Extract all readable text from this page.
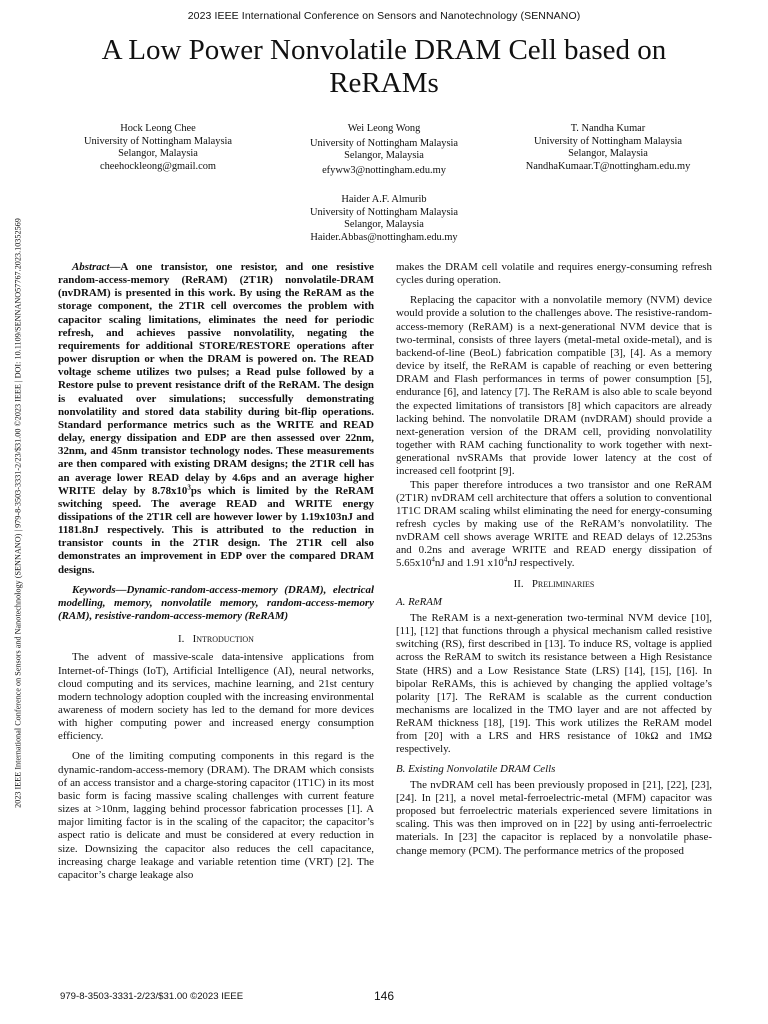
2023 IEEE International Conference on Sensors and Nanotechnology (SENNANO)
A Low Power Nonvolatile DRAM Cell based on
ReRAMs
2023 IEEE International Conference on Sensors and Nanotechnology (SENNANO) | 979-8-3503-3331-2/23/$31.00 ©2023 IEEE | DOI: 10.1109/SENNANO57767.2023.10352569
Hock Leong Chee
University of Nottingham Malaysia
Selangor, Malaysia
cheehockleong@gmail.com
Wei Leong Wong
University of Nottingham Malaysia
Selangor, Malaysia
efyww3@nottingham.edu.my
T. Nandha Kumar
University of Nottingham Malaysia
Selangor, Malaysia
NandhaKumaar.T@nottingham.edu.my
Haider A.F. Almurib
University of Nottingham Malaysia
Selangor, Malaysia
Haider.Abbas@nottingham.edu.my

Abstract—A one transistor, one resistor, and one resistive random-access-memory (ReRAM) (2T1R) nonvolatile-DRAM (nvDRAM) is presented in this work. By using the ReRAM as the storage component, the 2T1R cell overcomes the problem with capacitor scaling limitations, eliminates the need for periodic refresh, and achieves passive nonvolatility, negating the requirements for additional STORE/RESTORE operations after power disruption or when the DRAM is powered on. The READ voltage scheme utilizes two pulses; a Read pulse followed by a Restore pulse to prevent resistance drift of the ReRAM. The design is evaluated over simulations; successfully demonstrating nonvolatility and stored data stability during bit-flip operations. Standard performance metrics such as the WRITE and READ delay, energy dissipation and EDP are then assessed over 22nm, 32nm, and 45nm transistor technology nodes. These measurements are then compared with existing DRAM designs; the 2T1R cell has an average lower READ delay by 4.6ps and an average higher WRITE delay by $8.78x10^3ps$ which is limited by the ReRAM switching speed. The average READ and WRITE energy dissipations of the 2T1R cell are however lower by 1.19x103nJ and 1181.8nJ respectively. This is attributed to the reduction in transistor counts in the 2T1R design. The 2T1R cell also demonstrates an improvement in EDP over the compared DRAM designs.

Keywords—Dynamic-random-access-memory (DRAM), electrical modelling, memory, nonvolatile memory, random-access-memory (RAM), resistive-random-access-memory (ReRAM)

I. Introduction

The advent of massive-scale data-intensive applications from Internet-of-Things (IoT), Artificial Intelligence (AI), neural networks, cloud computing and its services, machine learning, and 21st century modern technology adoption coupled with the increasing environmental awareness of modern society has led to the demand for more devices with higher computing power and increased energy consumption efficiency.

One of the limiting computing components in this regard is the dynamic-random-access-memory (DRAM). The DRAM which consists of an access transistor and a charge-storing capacitor (1T1C) in its most basic form is facing massive scaling challenges with current feature sizes at >10nm, lagging behind processor fabrication processes [1]. A major limiting factor is in the scaling of the capacitor; the capacitor’s aspect ratio is delicate and must be considered at every reduction in size. Downsizing the capacitor also reduces the cell capacitance, increasing charge leakage and variable retention time (VRT) [2]. The capacitor’s charge leakage also

makes the DRAM cell volatile and requires energy-consuming refresh cycles during operation.

Replacing the capacitor with a nonvolatile memory (NVM) device would provide a solution to the challenges above. The resistive-random-access-memory (ReRAM) is a next-generational NVM device that is two-terminal, consists of three layers (metal-metal oxide-metal), and is backend-of-line (BeoL) fabrication compatible [3], [4]. As a memory device by itself, the ReRAM is capable of reaching or even bettering DRAM and Flash performances in terms of power consumption [5], endurance [6], and latency [7]. The ReRAM is also able to scale beyond the expected limitations of transistors [8] which capacitors are already lacking behind. The nonvolatile DRAM (nvDRAM) should provide a next-generation version of the DRAM cell, providing nonvolatility together with RAM caching functionality to work together with next-generational nvSRAMs that provide lower latency at the cost of increased cell footprint [9].

This paper therefore introduces a two transistor and one ReRAM (2T1R) nvDRAM cell architecture that offers a solution to conventional 1T1C DRAM scaling whilst eliminating the need for energy-consuming refresh cycles by making use of the ReRAM’s nonvolatility. The nvDRAM cell shows average WRITE and READ delays of 12.253ns and 0.2ns and average WRITE and READ energy dissipation of $5.65x10^4nJ$ and 1.91 $x10^4nJ$ respectively.

II. Preliminaries
A. ReRAM

The ReRAM is a next-generation two-terminal NVM device [10], [11], [12] that functions through a physical mechanism called resistive switching (RS), first described in [13]. To induce RS, voltage is applied across the ReRAM to switch its resistance between a High Resistance State (HRS) and a Low Resistance State (LRS) [14], [15], [16]. In bipolar ReRAMs, this is achieved by changing the applied voltage’s polarity [17]. The ReRAM is scalable as the current conduction mechanisms are localized in the TMO layer and are not affected by ReRAM thickness [18], [19]. This work utilizes the ReRAM model from [20] with a LRS and HRS resistance of 10kΩ and 1MΩ respectively.

B. Existing Nonvolatile DRAM Cells

The nvDRAM cell has been previously proposed in [21], [22], [23], [24]. In [21], a novel metal-ferroelectric-metal (MFM) capacitor was proposed but ferroelectric materials experienced severe limitations in scaling. This was then improved on in [22] by using anti-ferroelectric materials. In [23] the capacitor is replaced by a nonvolatile phase-change memory (PCM). The performance metrics of the proposed

979-8-3503-3331-2/23/$31.00 ©2023 IEEE	146
